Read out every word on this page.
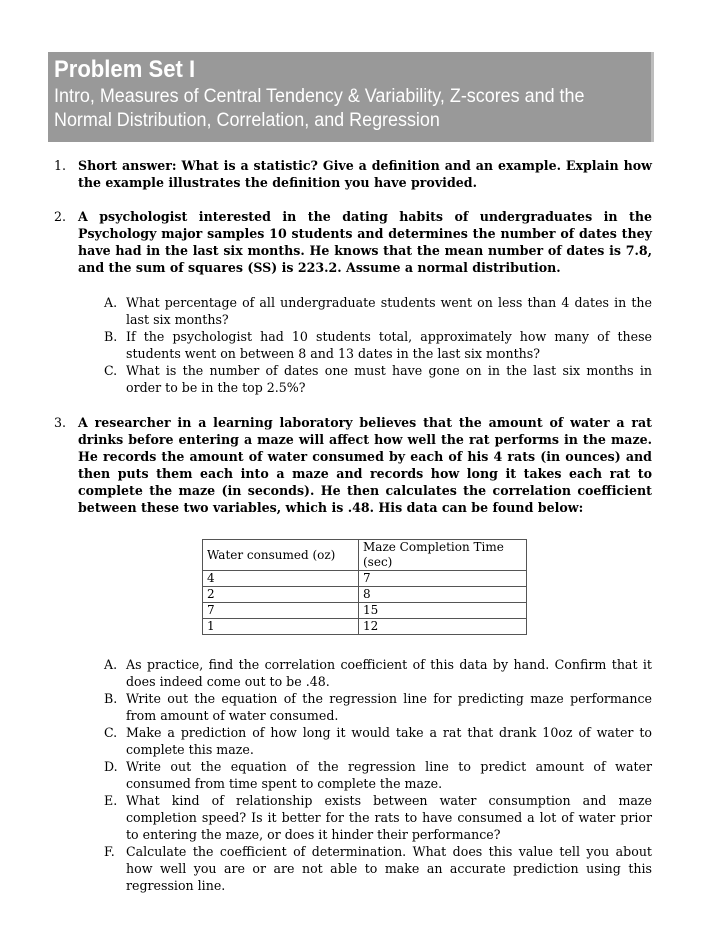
Problem Set I
Intro, Measures of Central Tendency & Variability, Z-scores and the
Normal Distribution, Correlation, and Regression
1. Short answer: What is a statistic? Give a definition and an example. Explain how the example illustrates the definition you have provided.
2. A psychologist interested in the dating habits of undergraduates in the Psychology major samples 10 students and determines the number of dates they have had in the last six months. He knows that the mean number of dates is 7.8, and the sum of squares (SS) is 223.2. Assume a normal distribution.
A. What percentage of all undergraduate students went on less than 4 dates in the last six months?
B. If the psychologist had 10 students total, approximately how many of these students went on between 8 and 13 dates in the last six months?
C. What is the number of dates one must have gone on in the last six months in order to be in the top 2.5%?
3. A researcher in a learning laboratory believes that the amount of water a rat drinks before entering a maze will affect how well the rat performs in the maze. He records the amount of water consumed by each of his 4 rats (in ounces) and then puts them each into a maze and records how long it takes each rat to complete the maze (in seconds). He then calculates the correlation coefficient between these two variables, which is .48. His data can be found below:
Water consumed (oz)	Maze Completion Time (sec)
4	7
2	8
7	15
1	12
A. As practice, find the correlation coefficient of this data by hand. Confirm that it does indeed come out to be .48.
B. Write out the equation of the regression line for predicting maze performance from amount of water consumed.
C. Make a prediction of how long it would take a rat that drank 10oz of water to complete this maze.
D. Write out the equation of the regression line to predict amount of water consumed from time spent to complete the maze.
E. What kind of relationship exists between water consumption and maze completion speed? Is it better for the rats to have consumed a lot of water prior to entering the maze, or does it hinder their performance?
F. Calculate the coefficient of determination. What does this value tell you about how well you are or are not able to make an accurate prediction using this regression line.
